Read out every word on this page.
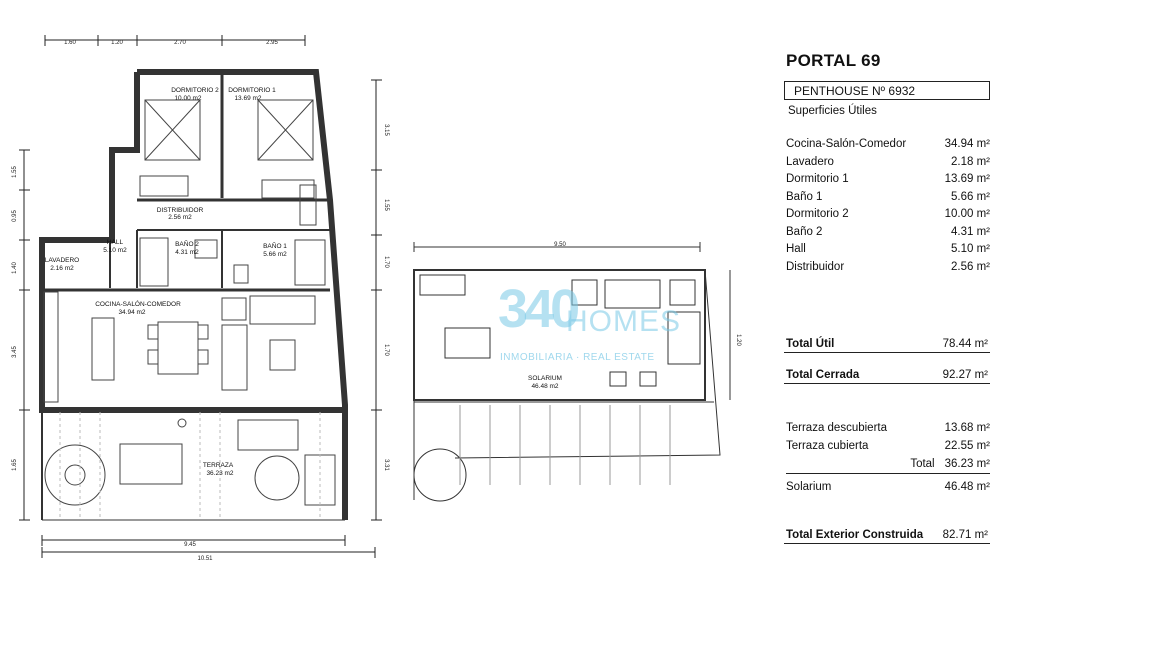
DORMITORIO 2
10.00 m2
DORMITORIO 1
13.69 m2
DISTRIBUIDOR
2.56 m2
HALL
5.10 m2
BAÑO 2
4.31 m2
BAÑO 1
5.66 m2
LAVADERO
2.16 m2
COCINA-SALÓN-COMEDOR
34.94 m2
TERRAZA
36.23 m2
SOLARIUM
46.48 m2
1.60	1.20	2.70	2.95
9.45
10.51
9.50
1.55
0.95
1.40
3.45
1.65
3.15
1.55
1.70
1.70
3.31
1.20
340
HOMES
INMOBILIARIA · REAL ESTATE
PORTAL 69
PENTHOUSE Nº 6932
Superficies Útiles
Cocina-Salón-Comedor	34.94 m²
Lavadero	2.18 m²
Dormitorio 1	13.69 m²
Baño 1	5.66 m²
Dormitorio 2	10.00 m²
Baño 2	4.31 m²
Hall	5.10 m²
Distribuidor	2.56 m²
Total Útil	78.44 m²
Total Cerrada	92.27 m²
Terraza descubierta	13.68 m²
Terraza cubierta	22.55 m²
Total 36.23 m²
Solarium	46.48 m²
Total Exterior Construida 82.71 m²
